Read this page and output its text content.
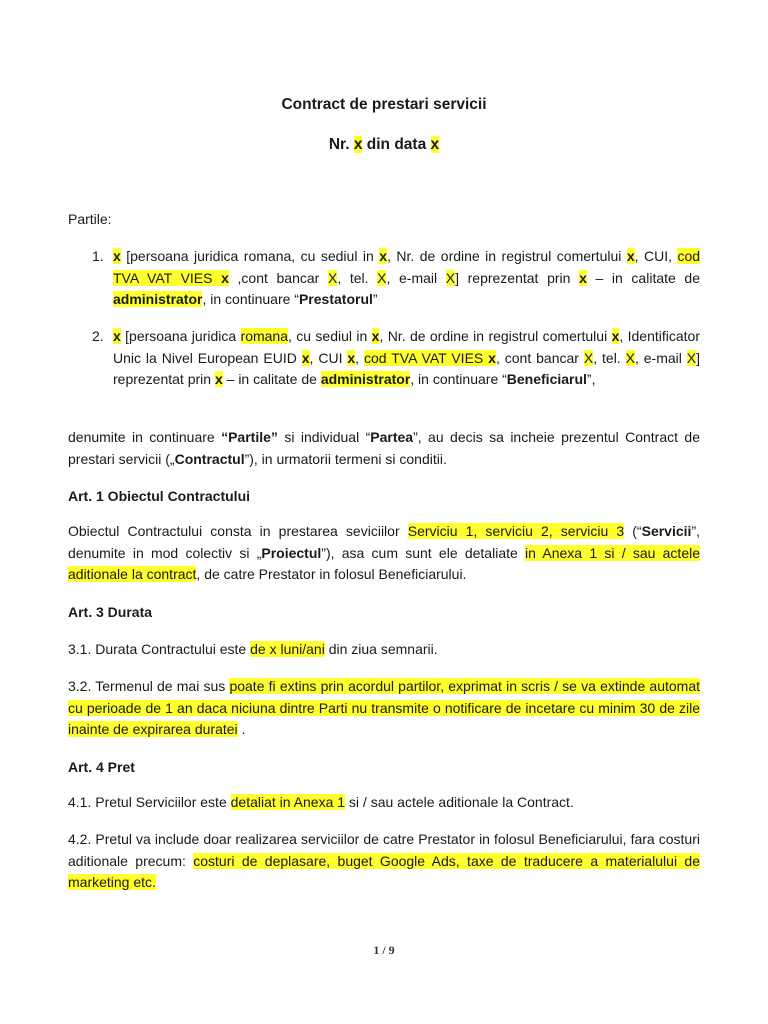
Contract de prestari servicii
Nr. x din data x
Partile:
1. x [persoana juridica romana, cu sediul in x, Nr. de ordine in registrul comertului x, CUI, cod TVA VAT VIES x ,cont bancar X, tel. X, e-mail X] reprezentat prin x – in calitate de administrator, in continuare “Prestatorul”

2. x [persoana juridica romana, cu sediul in x, Nr. de ordine in registrul comertului x, Identificator Unic la Nivel European EUID x, CUI x, cod TVA VAT VIES x, cont bancar X, tel. X, e-mail X] reprezentat prin x – in calitate de administrator, in continuare “Beneficiarul”,

denumite in continuare “Partile” si individual “Partea”, au decis sa incheie prezentul Contract de prestari servicii („Contractul”), in urmatorii termeni si conditii.

Art. 1 Obiectul Contractului

Obiectul Contractului consta in prestarea seviciilor Serviciu 1, serviciu 2, serviciu 3 (“Servicii”, denumite in mod colectiv si „Proiectul”), asa cum sunt ele detaliate in Anexa 1 si / sau actele aditionale la contract, de catre Prestator in folosul Beneficiarului.

Art. 3 Durata

3.1. Durata Contractului este de x luni/ani din ziua semnarii.

3.2. Termenul de mai sus poate fi extins prin acordul partilor, exprimat in scris / se va extinde automat cu perioade de 1 an daca niciuna dintre Parti nu transmite o notificare de incetare cu minim 30 de zile inainte de expirarea duratei .

Art. 4 Pret

4.1. Pretul Serviciilor este detaliat in Anexa 1 si / sau actele aditionale la Contract.

4.2. Pretul va include doar realizarea serviciilor de catre Prestator in folosul Beneficiarului, fara costuri aditionale precum: costuri de deplasare, buget Google Ads, taxe de traducere a materialului de marketing etc.

1 / 9
